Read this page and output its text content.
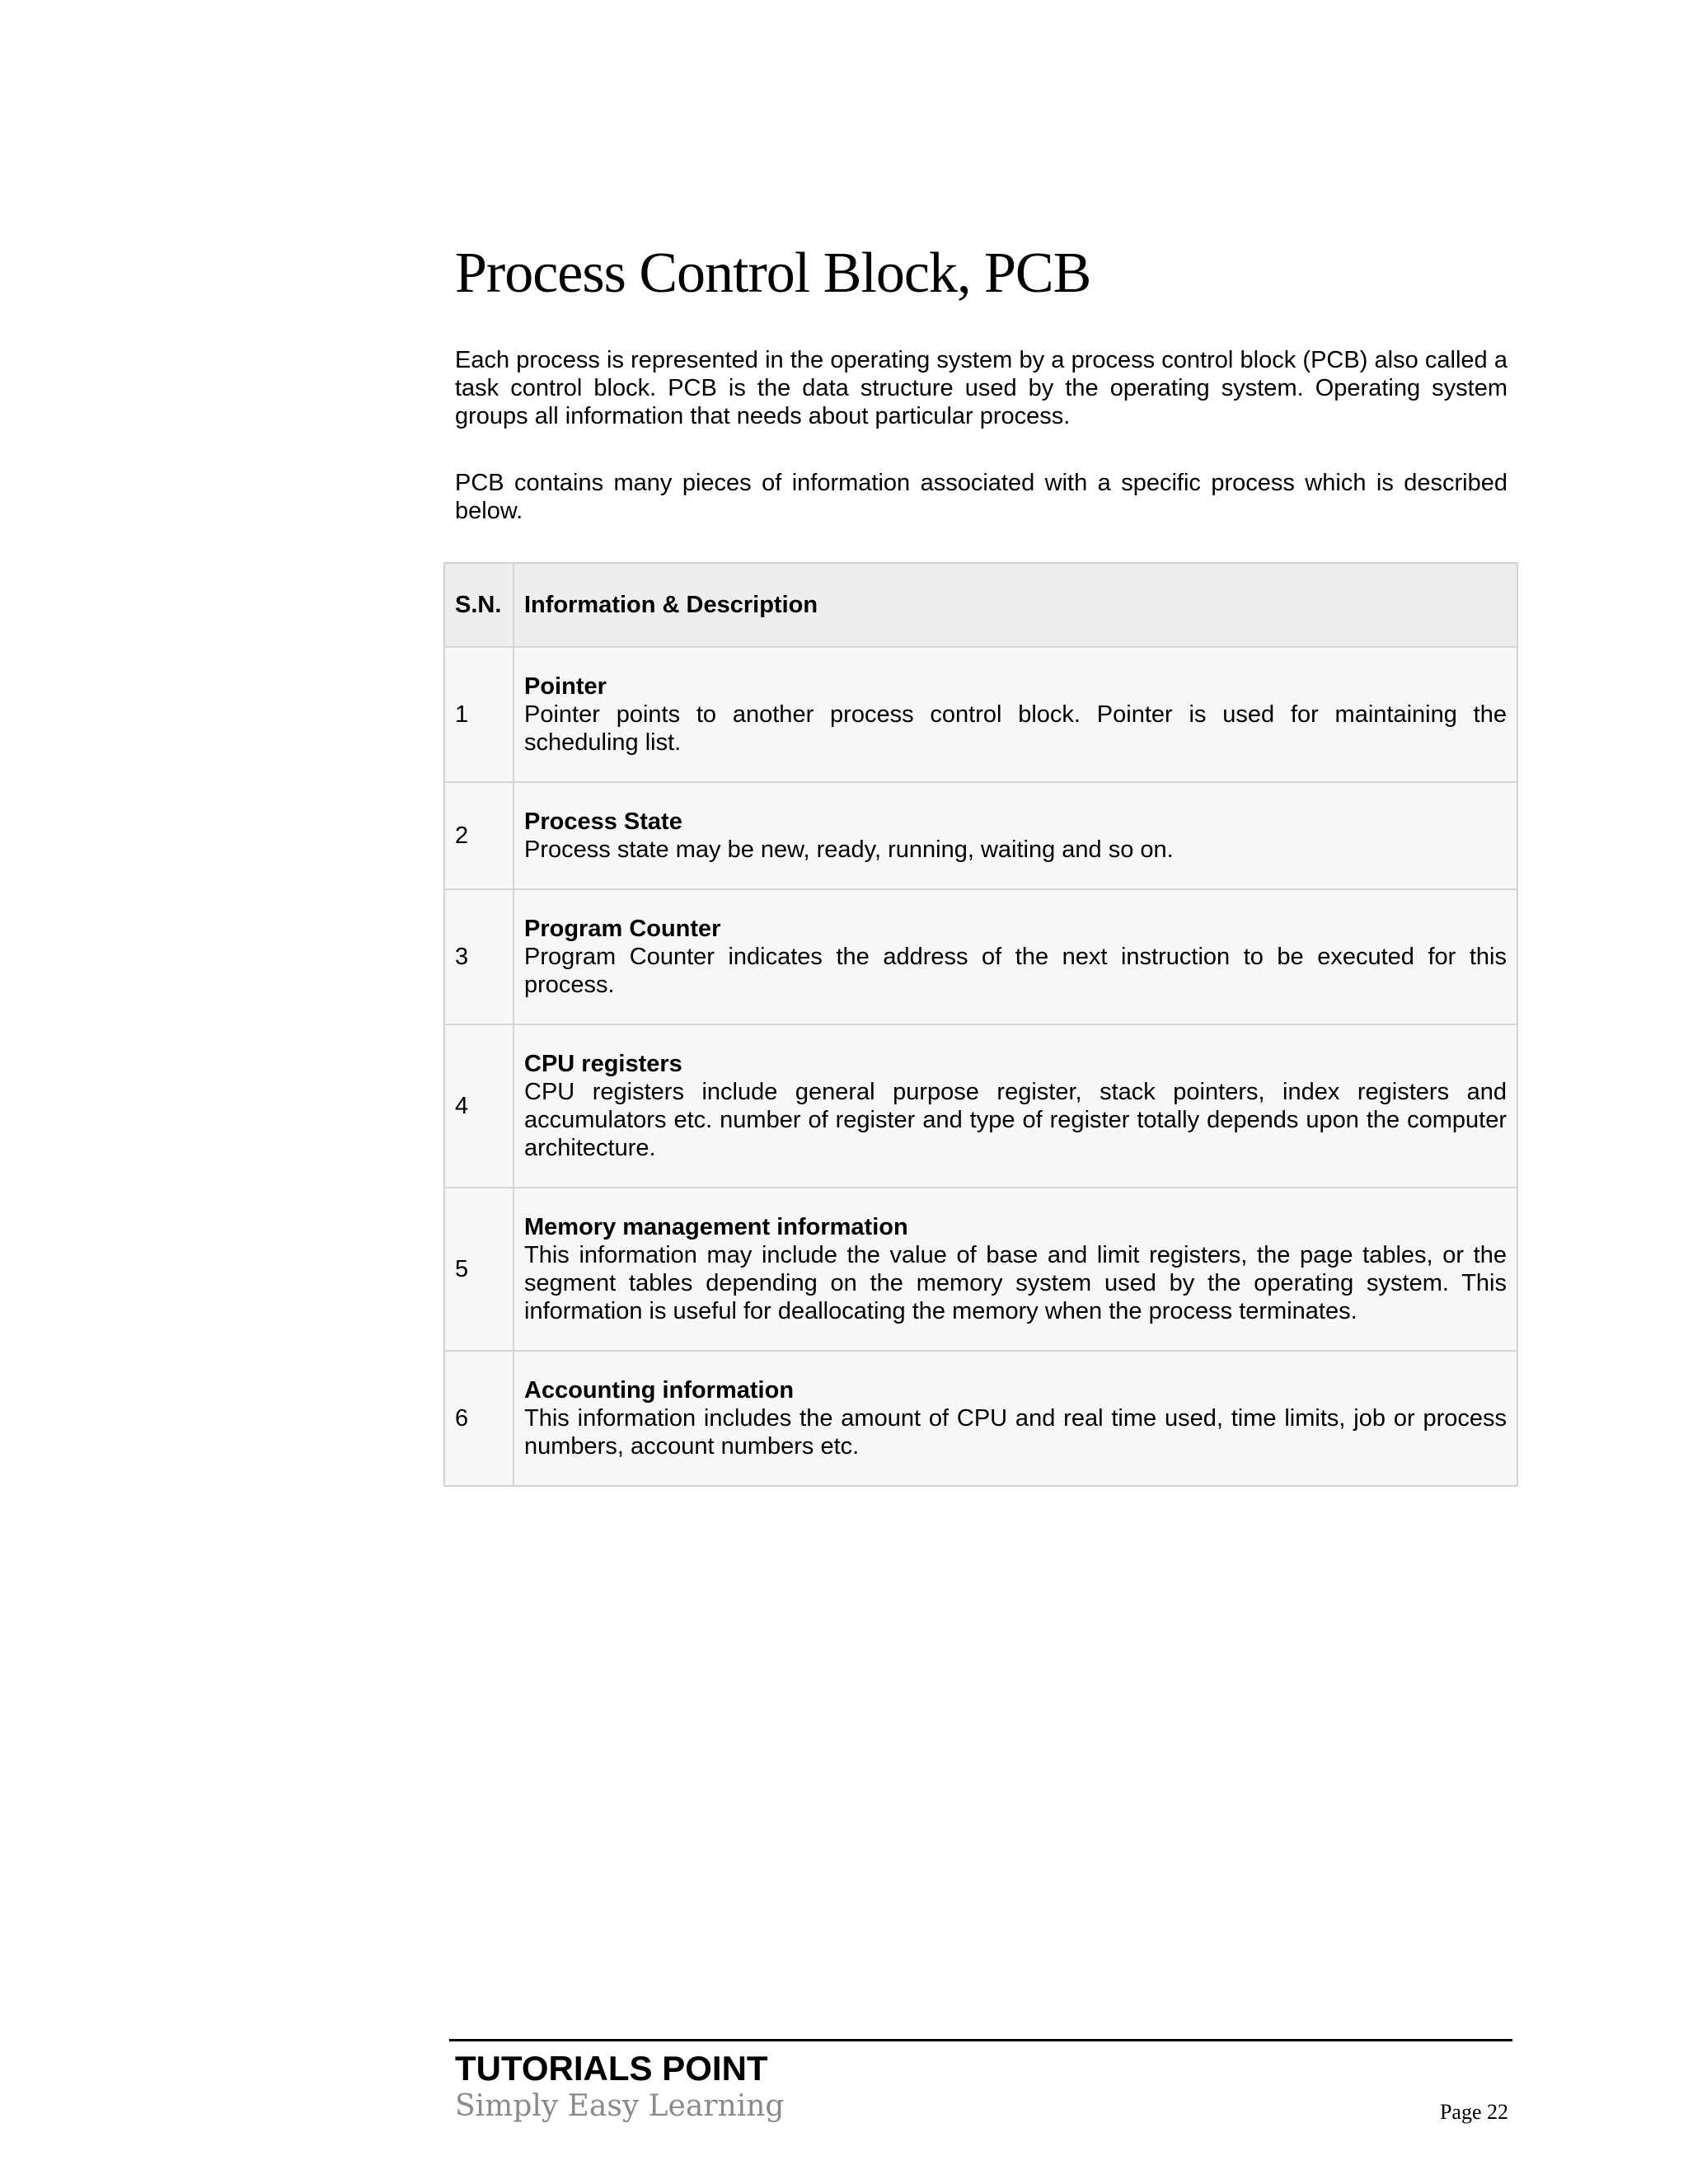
Process Control Block, PCB

Each process is represented in the operating system by a process control block (PCB) also called a task control block. PCB is the data structure used by the operating system. Operating system groups all information that needs about particular process.

PCB contains many pieces of information associated with a specific process which is described below.

S.N.	Information & Description
1	Pointer
Pointer points to another process control block. Pointer is used for maintaining the scheduling list.

2	Process State
Process state may be new, ready, running, waiting and so on.

3	Program Counter
Program Counter indicates the address of the next instruction to be executed for this process.

4	CPU registers
CPU registers include general purpose register, stack pointers, index registers and accumulators etc. number of register and type of register totally depends upon the computer architecture.

5	Memory management information
This information may include the value of base and limit registers, the page tables, or the segment tables depending on the memory system used by the operating system. This information is useful for deallocating the memory when the process terminates.

6	Accounting information
This information includes the amount of CPU and real time used, time limits, job or process numbers, account numbers etc.
TUTORIALS POINT
Simply Easy Learning	Page 22
